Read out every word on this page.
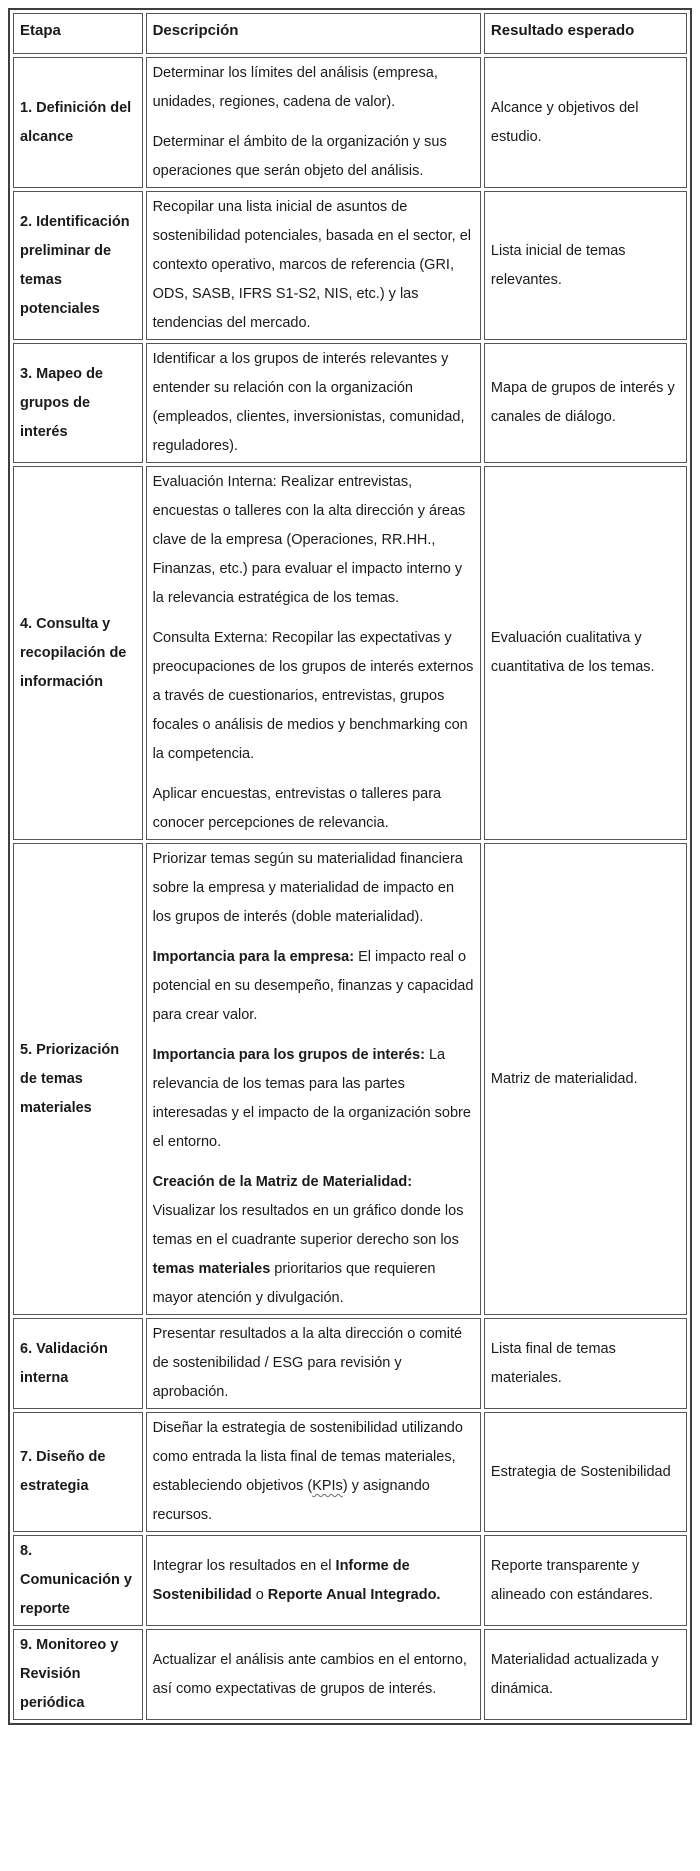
Etapa	Descripción	Resultado esperado
1. Definición del alcance	Determinar los límites del análisis (empresa, unidades, regiones, cadena de valor).

Determinar el ámbito de la organización y sus operaciones que serán objeto del análisis.	Alcance y objetivos del estudio.
2. Identificación preliminar de temas potenciales	Recopilar una lista inicial de asuntos de sostenibilidad potenciales, basada en el sector, el contexto operativo, marcos de referencia (GRI, ODS, SASB, IFRS S1-S2, NIS, etc.) y las tendencias del mercado.	Lista inicial de temas relevantes.
3. Mapeo de grupos de interés	Identificar a los grupos de interés relevantes y entender su relación con la organización (empleados, clientes, inversionistas, comunidad, reguladores).	Mapa de grupos de interés y canales de diálogo.
4. Consulta y recopilación de información	Evaluación Interna: Realizar entrevistas, encuestas o talleres con la alta dirección y áreas clave de la empresa (Operaciones, RR.HH., Finanzas, etc.) para evaluar el impacto interno y la relevancia estratégica de los temas.

Consulta Externa: Recopilar las expectativas y preocupaciones de los grupos de interés externos a través de cuestionarios, entrevistas, grupos focales o análisis de medios y benchmarking con la competencia.

Aplicar encuestas, entrevistas o talleres para conocer percepciones de relevancia.	Evaluación cualitativa y cuantitativa de los temas.
5. Priorización de temas materiales	Priorizar temas según su materialidad financiera sobre la empresa y materialidad de impacto en los grupos de interés (doble materialidad).

Importancia para la empresa: El impacto real o potencial en su desempeño, finanzas y capacidad para crear valor.

Importancia para los grupos de interés: La relevancia de los temas para las partes interesadas y el impacto de la organización sobre el entorno.

Creación de la Matriz de Materialidad: Visualizar los resultados en un gráfico donde los temas en el cuadrante superior derecho son los temas materiales prioritarios que requieren mayor atención y divulgación.	Matriz de materialidad.
6. Validación interna	Presentar resultados a la alta dirección o comité de sostenibilidad / ESG para revisión y aprobación.	Lista final de temas materiales.
7. Diseño de estrategia	Diseñar la estrategia de sostenibilidad utilizando como entrada la lista final de temas materiales, estableciendo objetivos (KPIs) y asignando recursos.	Estrategia de Sostenibilidad
8. Comunicación y reporte	Integrar los resultados en el Informe de Sostenibilidad o Reporte Anual Integrado.	Reporte transparente y alineado con estándares.
9. Monitoreo y Revisión periódica	Actualizar el análisis ante cambios en el entorno, así como expectativas de grupos de interés.	Materialidad actualizada y dinámica.
